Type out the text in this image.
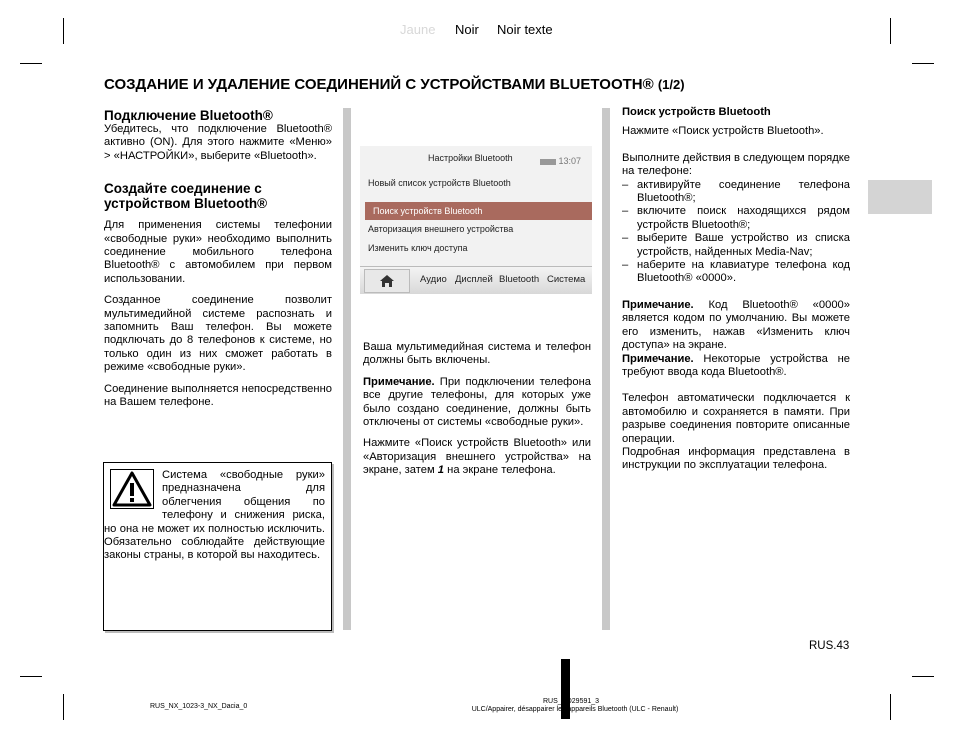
Jaune Noir Noir texte
СОЗДАНИЕ И УДАЛЕНИЕ СОЕДИНЕНИЙ С УСТРОЙСТВАМИ BLUETOOTH® (1/2)
Подключение Bluetooth®

Убедитесь, что подключение Bluetooth® активно (ON). Для этого нажмите «Меню» > «НАСТРОЙКИ», выберите «Bluetooth».

Создайте соединение с
устройством Bluetooth®

Для применения системы телефонии «свободные руки» необходимо выполнить соединение мобильного телефона Bluetooth® с автомобилем при первом использовании.

Созданное соединение позволит мультимедийной системе распознать и запомнить Ваш телефон. Вы можете подключать до 8 телефонов к системе, но только один из них сможет работать в режиме «свободные руки».

Соединение выполняется непосредственно на Вашем телефоне.

Система «свободные руки» предназначена для облегчения общения по телефону и снижения риска, но она не может их полностью исключить. Обязательно соблюдайте действующие законы страны, в которой вы находитесь.
Настройки Bluetooth	13:07
Новый список устройств Bluetooth
Поиск устройств Bluetooth
Авторизация внешнего устройства
Изменить ключ доступа
Аудио Дисплей Bluetooth Система

Ваша мультимедийная система и телефон должны быть включены.

Примечание. При подключении телефона все другие телефоны, для которых уже было создано соединение, должны быть отключены от системы «свободные руки».

Нажмите «Поиск устройств Bluetooth» или «Авторизация внешнего устройства» на экране, затем 1 на экране телефона.

Поиск устройств Bluetooth

Нажмите «Поиск устройств Bluetooth».

Выполните действия в следующем порядке на телефоне:

– активируйте соединение телефона Bluetooth®;
– включите поиск находящихся рядом устройств Bluetooth®;
– выберите Ваше устройство из списка устройств, найденных Media-Nav;
– наберите на клавиатуре телефона код Bluetooth® «0000».

Примечание. Код Bluetooth® «0000» является кодом по умолчанию. Вы можете его изменить, нажав «Изменить ключ доступа» на экране.

Примечание. Некоторые устройства не требуют ввода кода Bluetooth®.

Телефон автоматически подключается к автомобилю и сохраняется в памяти. При разрыве соединения повторите описанные операции.

Подробная информация представлена в инструкции по эксплуатации телефона.

RUS.43
RUS_NX_1023-3_NX_Dacia_0
RUS_UD29591_3
ULC/Appairer, désappairer les appareils Bluetooth (ULC - Renault)
